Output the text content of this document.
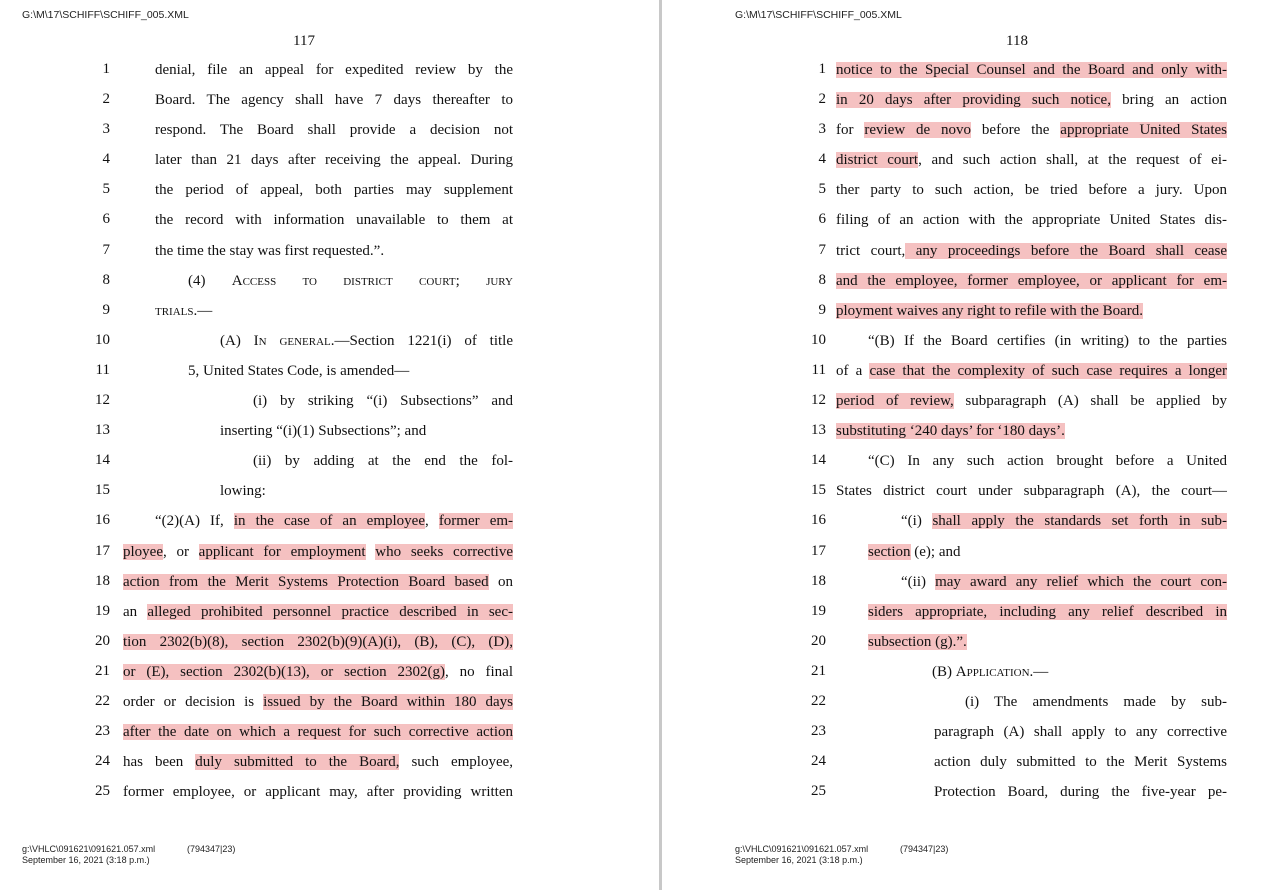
G:\M\17\SCHIFF\SCHIFF_005.XML
117
1	denial, file an appeal for expedited review by the
2	Board. The agency shall have 7 days thereafter to
3	respond. The Board shall provide a decision not
4	later than 21 days after receiving the appeal. During
5	the period of appeal, both parties may supplement
6	the record with information unavailable to them at
7	the time the stay was first requested.”.
8	(4) Access to district court; jury
9	trials.—
10	(A) In general.—Section 1221(i) of title
11	5, United States Code, is amended—
12	(i) by striking “(i) Subsections” and
13	inserting “(i)(1) Subsections”; and
14	(ii) by adding at the end the fol-
15	lowing:
16	“(2)(A) If, in the case of an employee, former em-
17 ployee, or applicant for employment who seeks corrective
18 action from the Merit Systems Protection Board based on
19 an alleged prohibited personnel practice described in sec-
20 tion 2302(b)(8), section 2302(b)(9)(A)(i), (B), (C), (D),
21 or (E), section 2302(b)(13), or section 2302(g), no final
22 order or decision is issued by the Board within 180 days
23 after the date on which a request for such corrective action
24 has been duly submitted to the Board, such employee,
25 former employee, or applicant may, after providing written
g:\VHLC\091621\091621.057.xml
September 16, 2021 (3:18 p.m.)
(794347|23)
G:\M\17\SCHIFF\SCHIFF_005.XML
118
1 notice to the Special Counsel and the Board and only with-
2 in 20 days after providing such notice, bring an action
3 for review de novo before the appropriate United States
4 district court, and such action shall, at the request of ei-
5 ther party to such action, be tried before a jury. Upon
6 filing of an action with the appropriate United States dis-
7 trict court, any proceedings before the Board shall cease
8 and the employee, former employee, or applicant for em-
9 ployment waives any right to refile with the Board.
10	“(B) If the Board certifies (in writing) to the parties
11 of a case that the complexity of such case requires a longer
12 period of review, subparagraph (A) shall be applied by
13 substituting ‘240 days’ for ‘180 days’.
14	“(C) In any such action brought before a United
15 States district court under subparagraph (A), the court—
16	“(i) shall apply the standards set forth in sub-
17	section (e); and
18	“(ii) may award any relief which the court con-
19	siders appropriate, including any relief described in
20	subsection (g).”.
21	(B) Application.—
22	(i) The amendments made by sub-
23	paragraph (A) shall apply to any corrective
24	action duly submitted to the Merit Systems
25	Protection Board, during the five-year pe-
g:\VHLC\091621\091621.057.xml
September 16, 2021 (3:18 p.m.)
(794347|23)
